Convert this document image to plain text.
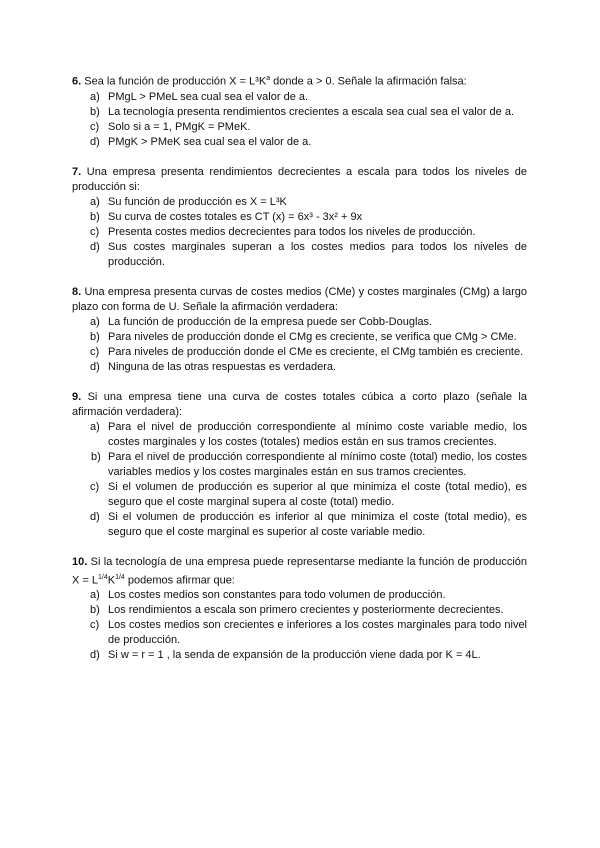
6. Sea la función de producción $X = L^3K^a$ donde a > 0. Señale la afirmación falsa:
a) PMgL > PMeL sea cual sea el valor de a.
b) La tecnología presenta rendimientos crecientes a escala sea cual sea el valor de a.
c) Solo si a = 1, PMgK = PMeK.
d) PMgK > PMeK sea cual sea el valor de a.
7. Una empresa presenta rendimientos decrecientes a escala para todos los niveles de producción si:
a) Su función de producción es X = L³K
b) Su curva de costes totales es CT (x) = 6x³ - 3x² + 9x
c) Presenta costes medios decrecientes para todos los niveles de producción.
d) Sus costes marginales superan a los costes medios para todos los niveles de producción.
8. Una empresa presenta curvas de costes medios (CMe) y costes marginales (CMg) a largo plazo con forma de U. Señale la afirmación verdadera:
a) La función de producción de la empresa puede ser Cobb-Douglas.
b) Para niveles de producción donde el CMg es creciente, se verifica que CMg > CMe.
c) Para niveles de producción donde el CMe es creciente, el CMg también es creciente.
d) Ninguna de las otras respuestas es verdadera.
9. Si una empresa tiene una curva de costes totales cúbica a corto plazo (señale la afirmación verdadera):
a) Para el nivel de producción correspondiente al mínimo coste variable medio, los costes marginales y los costes (totales) medios están en sus tramos crecientes.
b) Para el nivel de producción correspondiente al mínimo coste (total) medio, los costes variables medios y los costes marginales están en sus tramos crecientes.
c) Si el volumen de producción es superior al que minimiza el coste (total medio), es seguro que el coste marginal supera al coste (total) medio.
d) Si el volumen de producción es inferior al que minimiza el coste (total medio), es seguro que el coste marginal es superior al coste variable medio.
10. Si la tecnología de una empresa puede representarse mediante la función de producción $X = L^{1/4}K^{1/4}$ podemos afirmar que:
a) Los costes medios son constantes para todo volumen de producción.
b) Los rendimientos a escala son primero crecientes y posteriormente decrecientes.
c) Los costes medios son crecientes e inferiores a los costes marginales para todo nivel de producción.
d) Si w = r = 1 , la senda de expansión de la producción viene dada por K = 4L.
